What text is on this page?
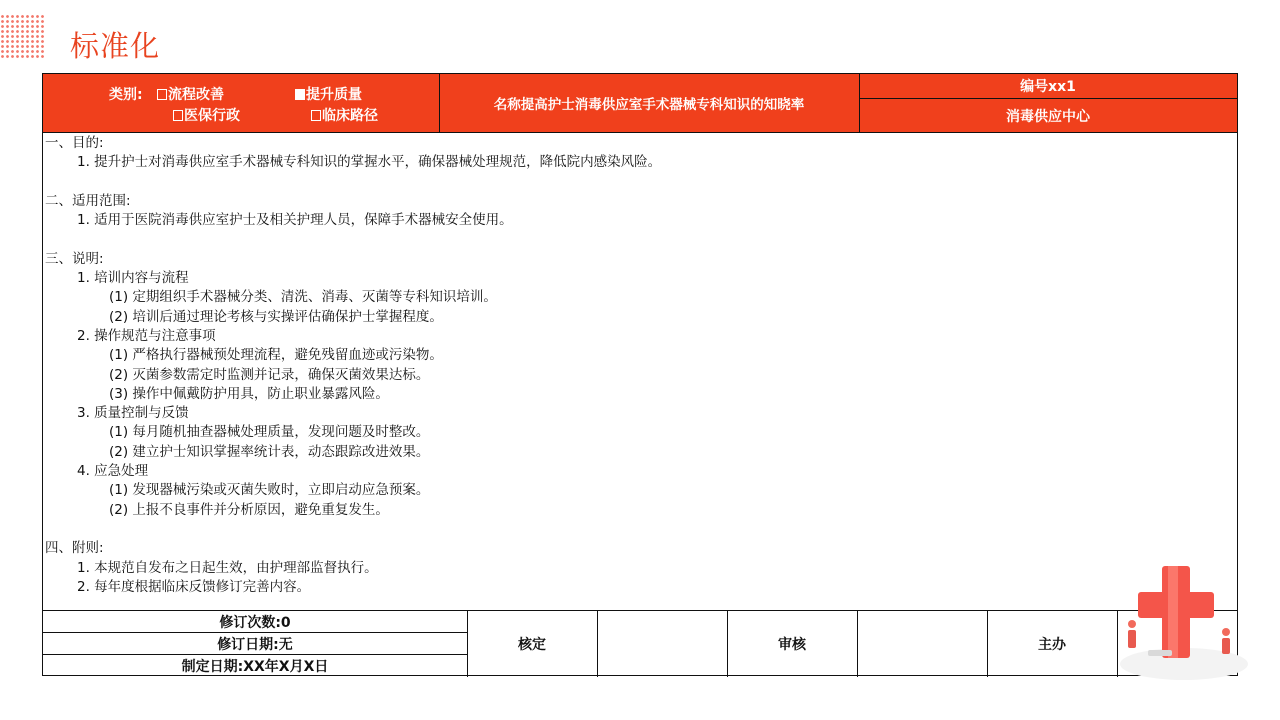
标准化
类别:	流程改善	提升质量
医保行政	临床路径
名称提高护士消毒供应室手术器械专科知识的知晓率
编号xx1
消毒供应中心
一、目的:
1. 提升护士对消毒供应室手术器械专科知识的掌握水平，确保器械处理规范，降低院内感染风险。
二、适用范围:
1. 适用于医院消毒供应室护士及相关护理人员，保障手术器械安全使用。
三、说明:
1. 培训内容与流程
(1) 定期组织手术器械分类、清洗、消毒、灭菌等专科知识培训。
(2) 培训后通过理论考核与实操评估确保护士掌握程度。
2. 操作规范与注意事项
(1) 严格执行器械预处理流程，避免残留血迹或污染物。
(2) 灭菌参数需定时监测并记录，确保灭菌效果达标。
(3) 操作中佩戴防护用具，防止职业暴露风险。
3. 质量控制与反馈
(1) 每月随机抽查器械处理质量，发现问题及时整改。
(2) 建立护士知识掌握率统计表，动态跟踪改进效果。
4. 应急处理
(1) 发现器械污染或灭菌失败时，立即启动应急预案。
(2) 上报不良事件并分析原因，避免重复发生。
四、附则:
1. 本规范自发布之日起生效，由护理部监督执行。
2. 每年度根据临床反馈修订完善内容。
修订次数:0
修订日期:无
制定日期:XX年X月X日
核定	审核	主办
